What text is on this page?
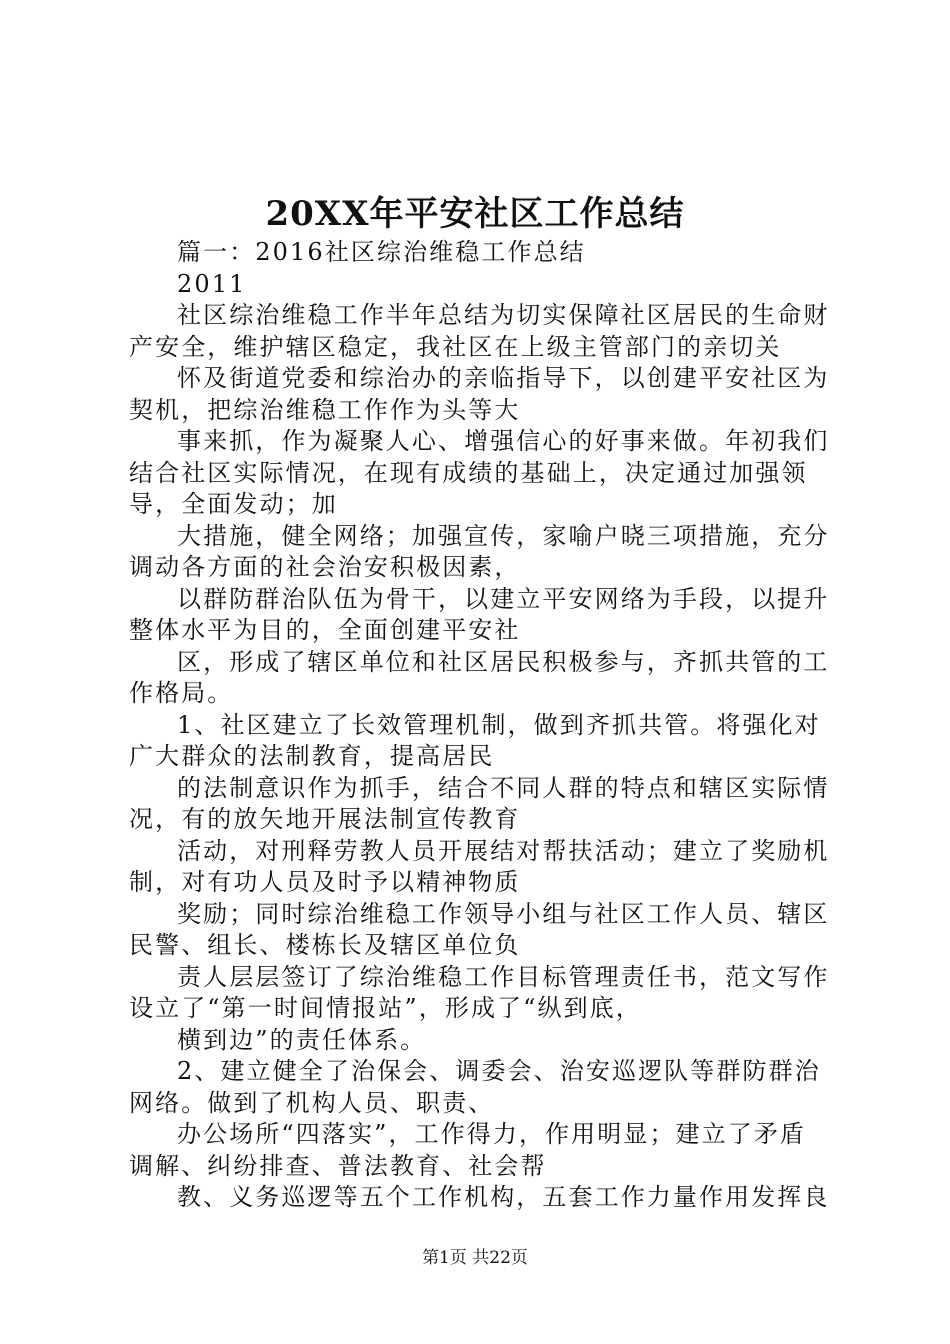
20XX年平安社区工作总结

篇一：2016社区综治维稳工作总结

2011

社区综治维稳工作半年总结为切实保障社区居民的生命财产安全，维护辖区稳定，我社区在上级主管部门的亲切关

怀及街道党委和综治办的亲临指导下，以创建平安社区为契机，把综治维稳工作作为头等大

事来抓，作为凝聚人心、增强信心的好事来做。年初我们结合社区实际情况，在现有成绩的基础上，决定通过加强领导，全面发动；加

大措施，健全网络；加强宣传，家喻户晓三项措施，充分调动各方面的社会治安积极因素，

以群防群治队伍为骨干，以建立平安网络为手段，以提升整体水平为目的，全面创建平安社

区，形成了辖区单位和社区居民积极参与，齐抓共管的工作格局。

1、社区建立了长效管理机制，做到齐抓共管。将强化对广大群众的法制教育，提高居民

的法制意识作为抓手，结合不同人群的特点和辖区实际情况，有的放矢地开展法制宣传教育

活动，对刑释劳教人员开展结对帮扶活动；建立了奖励机制，对有功人员及时予以精神物质

奖励；同时综治维稳工作领导小组与社区工作人员、辖区民警、组长、楼栋长及辖区单位负

责人层层签订了综治维稳工作目标管理责任书，范文写作设立了“第一时间情报站”，形成了“纵到底，

横到边”的责任体系。

2、建立健全了治保会、调委会、治安巡逻队等群防群治网络。做到了机构人员、职责、

办公场所“四落实”，工作得力，作用明显；建立了矛盾调解、纠纷排查、普法教育、社会帮

教、义务巡逻等五个工作机构，五套工作力量作用发挥良

第1页 共22页
